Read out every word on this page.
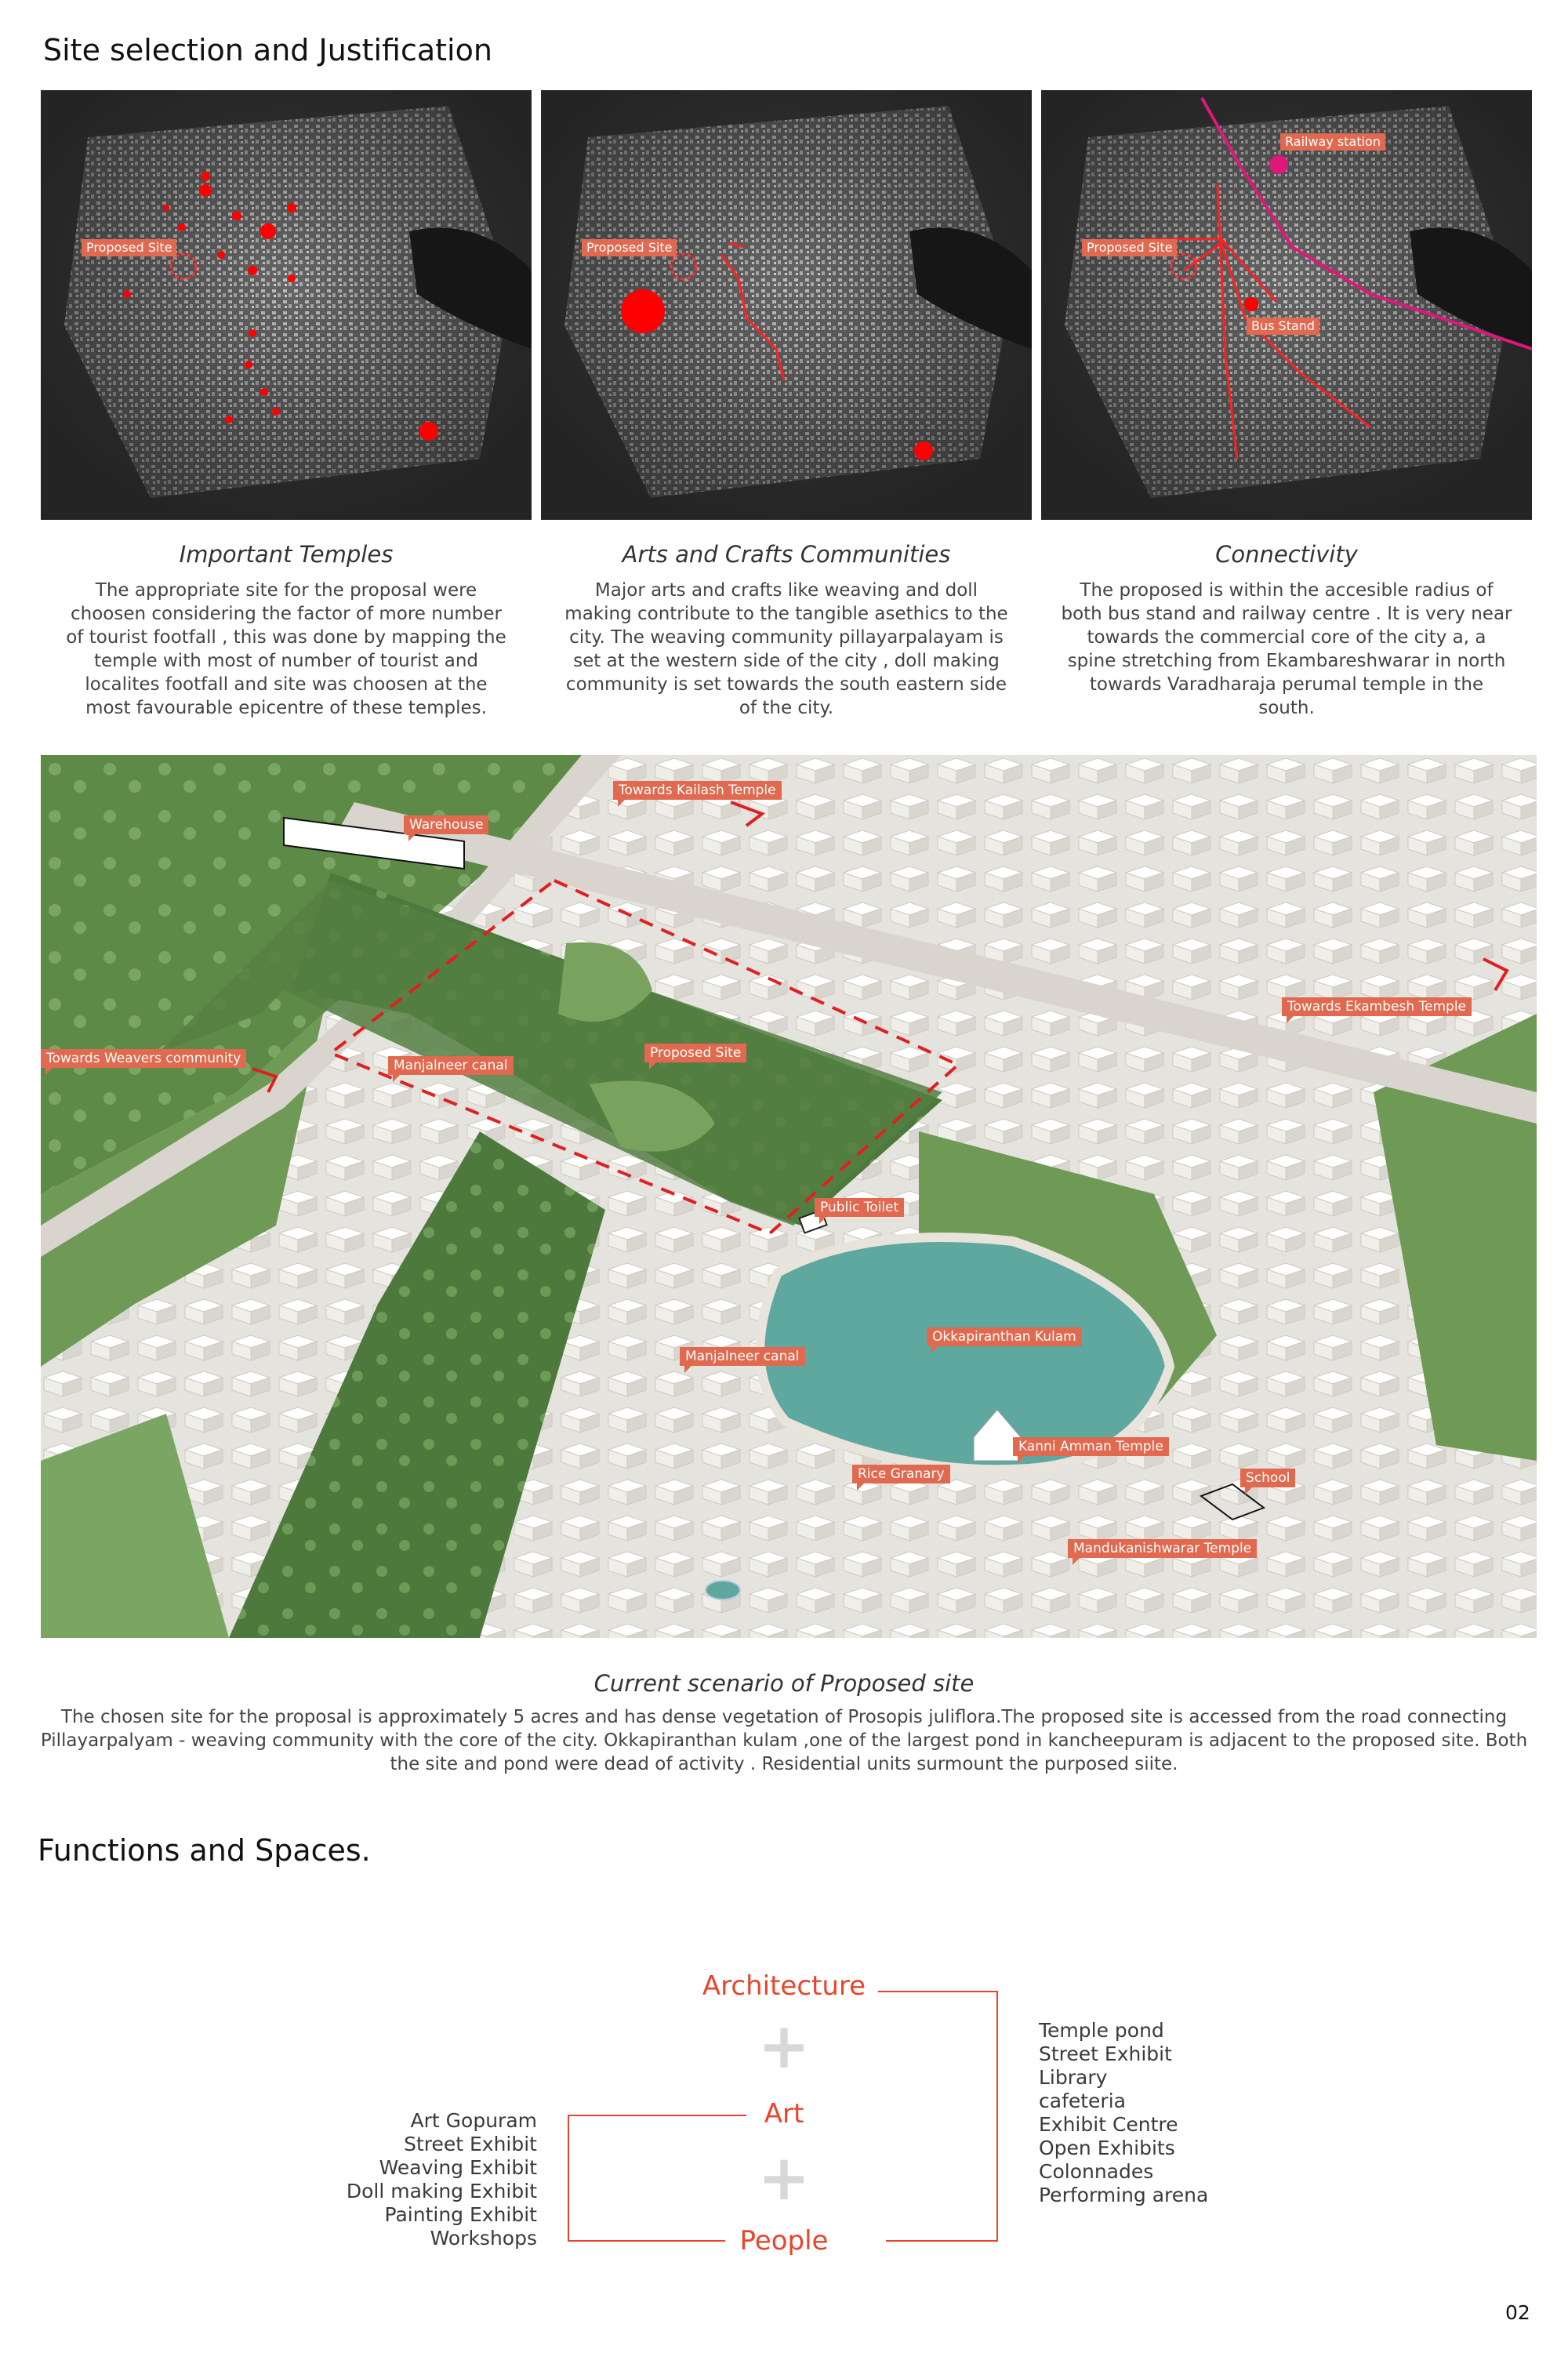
Site selection and Justification
Proposed Site	Proposed Site	Proposed Site
Railway station
Bus Stand
Important Temples
The appropriate site for the proposal were
choosen considering the factor of more number
of tourist footfall , this was done by mapping the
temple with most of number of tourist and
localites footfall and site was choosen at the
most favourable epicentre of these temples.
Arts and Crafts Communities
Major arts and crafts like weaving and doll
making contribute to the tangible asethics to the
city. The weaving community pillayarpalayam is
set at the western side of the city , doll making
community is set towards the south eastern side
of the city.
Connectivity
The proposed is within the accesible radius of
both bus stand and railway centre . It is very near
towards the commercial core of the city a, a
spine stretching from Ekambareshwarar in north
towards Varadharaja perumal temple in the
south.
Towards Kailash Temple
Warehouse
Towards Ekambesh Temple
Towards Weavers community	Manjalneer canal
Proposed Site
Public Toilet
Okkapiranthan Kulam
Manjalneer canal
Kanni Amman Temple
Rice Granary	School
Mandukanishwarar Temple
Current scenario of Proposed site
The chosen site for the proposal is approximately 5 acres and has dense vegetation of Prosopis juliflora.The proposed site is accessed from the road connecting
Pillayarpalyam - weaving community with the core of the city. Okkapiranthan kulam ,one of the largest pond in kancheepuram is adjacent to the proposed site. Both
the site and pond were dead of activity . Residential units surmount the purposed siite.
Functions and Spaces.
Architecture
+
Art
+
People
Art Gopuram
Street Exhibit
Weaving Exhibit
Doll making Exhibit
Painting Exhibit
Workshops
Temple pond
Street Exhibit
Library
cafeteria
Exhibit Centre
Open Exhibits
Colonnades
Performing arena
02
